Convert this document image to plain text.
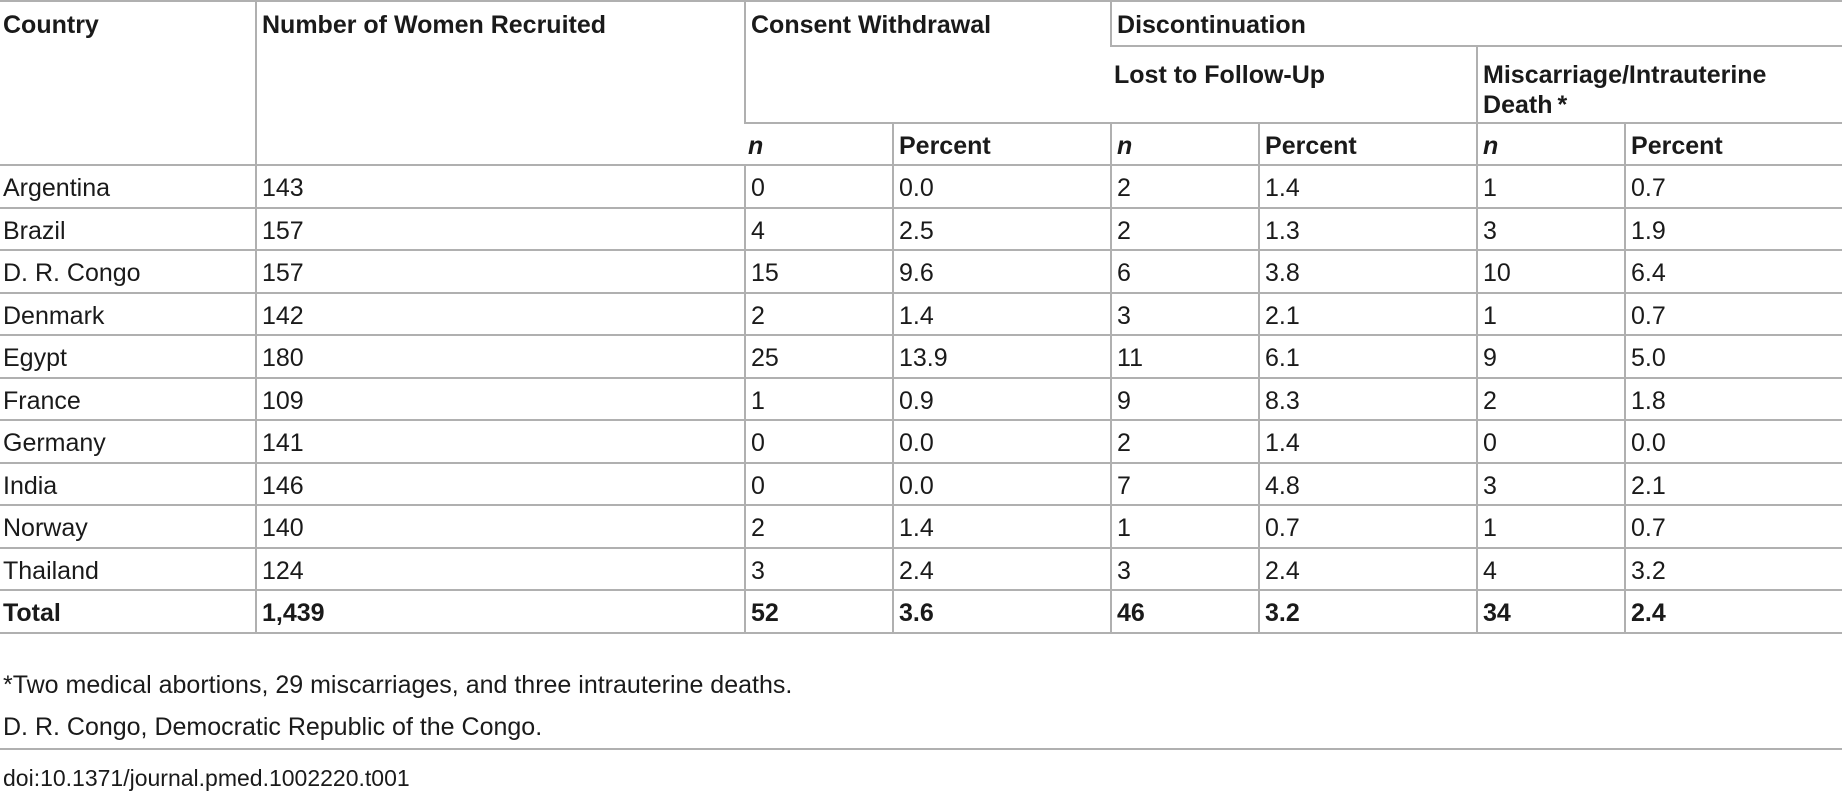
Country	Number of Women Recruited	Consent Withdrawal		Discontinuation			
				Lost to Follow-Up		Miscarriage/Intrauterine Death *	
		n	Percent	n	Percent	n	Percent
Argentina	143	0	0.0	2	1.4	1	0.7
Brazil	157	4	2.5	2	1.3	3	1.9
D. R. Congo	157	15	9.6	6	3.8	10	6.4
Denmark	142	2	1.4	3	2.1	1	0.7
Egypt	180	25	13.9	11	6.1	9	5.0
France	109	1	0.9	9	8.3	2	1.8
Germany	141	0	0.0	2	1.4	0	0.0
India	146	0	0.0	7	4.8	3	2.1
Norway	140	2	1.4	1	0.7	1	0.7
Thailand	124	3	2.4	3	2.4	4	3.2
Total	1,439	52	3.6	46	3.2	34	2.4

*Two medical abortions, 29 miscarriages, and three intrauterine deaths.

D. R. Congo, Democratic Republic of the Congo.

doi:10.1371/journal.pmed.1002220.t001
